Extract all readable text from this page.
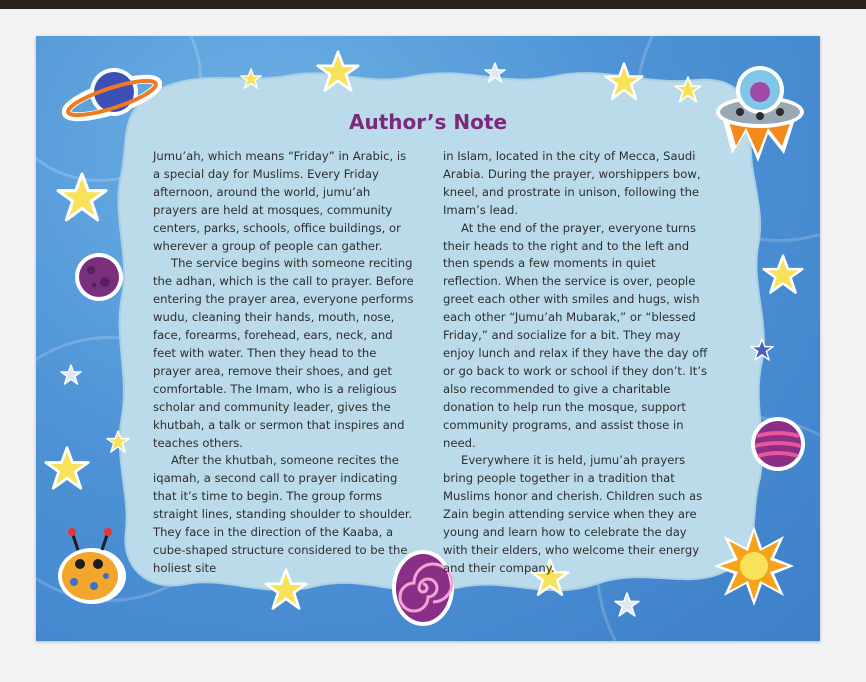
Author’s Note

Jumu’ah, which means “Friday” in Arabic, is a special day for Muslims. Every Friday afternoon, around the world, jumu’ah prayers are held at mosques, community centers, parks, schools, office buildings, or wherever a group of people can gather.

The service begins with someone reciting the adhan, which is the call to prayer. Before entering the prayer area, everyone performs wudu, cleaning their hands, mouth, nose, face, forearms, forehead, ears, neck, and feet with water. Then they head to the prayer area, remove their shoes, and get comfortable. The Imam, who is a religious scholar and community leader, gives the khutbah, a talk or sermon that inspires and teaches others.

After the khutbah, someone recites the iqamah, a second call to prayer indicating that it’s time to begin. The group forms straight lines, standing shoulder to shoulder. They face in the direction of the Kaaba, a cube-shaped structure considered to be the holiest site

in Islam, located in the city of Mecca, Saudi Arabia. During the prayer, worshippers bow, kneel, and prostrate in unison, following the Imam’s lead.

At the end of the prayer, everyone turns their heads to the right and to the left and then spends a few moments in quiet reflection. When the service is over, people greet each other with smiles and hugs, wish each other “Jumu’ah Mubarak,” or “blessed Friday,” and socialize for a bit. They may enjoy lunch and relax if they have the day off or go back to work or school if they don’t. It’s also recommended to give a charitable donation to help run the mosque, support community programs, and assist those in need.

Everywhere it is held, jumu’ah prayers bring people together in a tradition that Muslims honor and cherish. Children such as Zain begin attending service when they are young and learn how to celebrate the day with their elders, who welcome their energy and their company.
